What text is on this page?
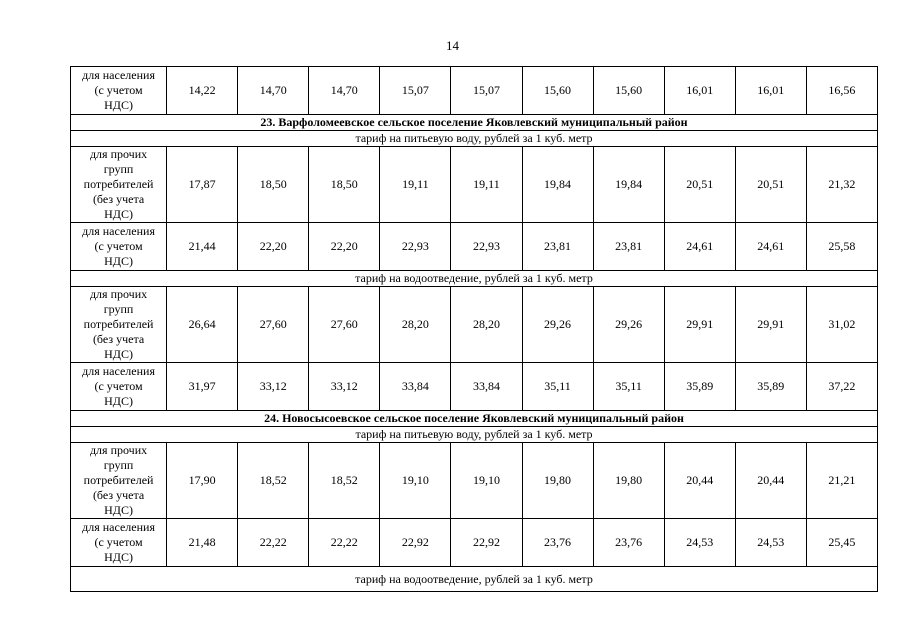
14
для населения
(с учетом
НДС)	14,22	14,70	14,70	15,07	15,07	15,60	15,60	16,01	16,01	16,56
23. Варфоломеевское сельское поселение Яковлевский муниципальный район										
тариф на питьевую воду, рублей за 1 куб. метр										

для прочих
групп
потребителей
(без учета
НДС)	17,87	18,50	18,50	19,11	19,11	19,84	19,84	20,51	20,51	21,32

для населения
(с учетом
НДС)	21,44	22,20	22,20	22,93	22,93	23,81	23,81	24,61	24,61	25,58
тариф на водоотведение, рублей за 1 куб. метр										

для прочих
групп
потребителей
(без учета
НДС)	26,64	27,60	27,60	28,20	28,20	29,26	29,26	29,91	29,91	31,02

для населения
(с учетом
НДС)	31,97	33,12	33,12	33,84	33,84	35,11	35,11	35,89	35,89	37,22
24. Новосысоевское сельское поселение Яковлевский муниципальный район										
тариф на питьевую воду, рублей за 1 куб. метр										

для прочих
групп
потребителей
(без учета
НДС)	17,90	18,52	18,52	19,10	19,10	19,80	19,80	20,44	20,44	21,21

для населения
(с учетом
НДС)	21,48	22,22	22,22	22,92	22,92	23,76	23,76	24,53	24,53	25,45
тариф на водоотведение, рублей за 1 куб. метр										
